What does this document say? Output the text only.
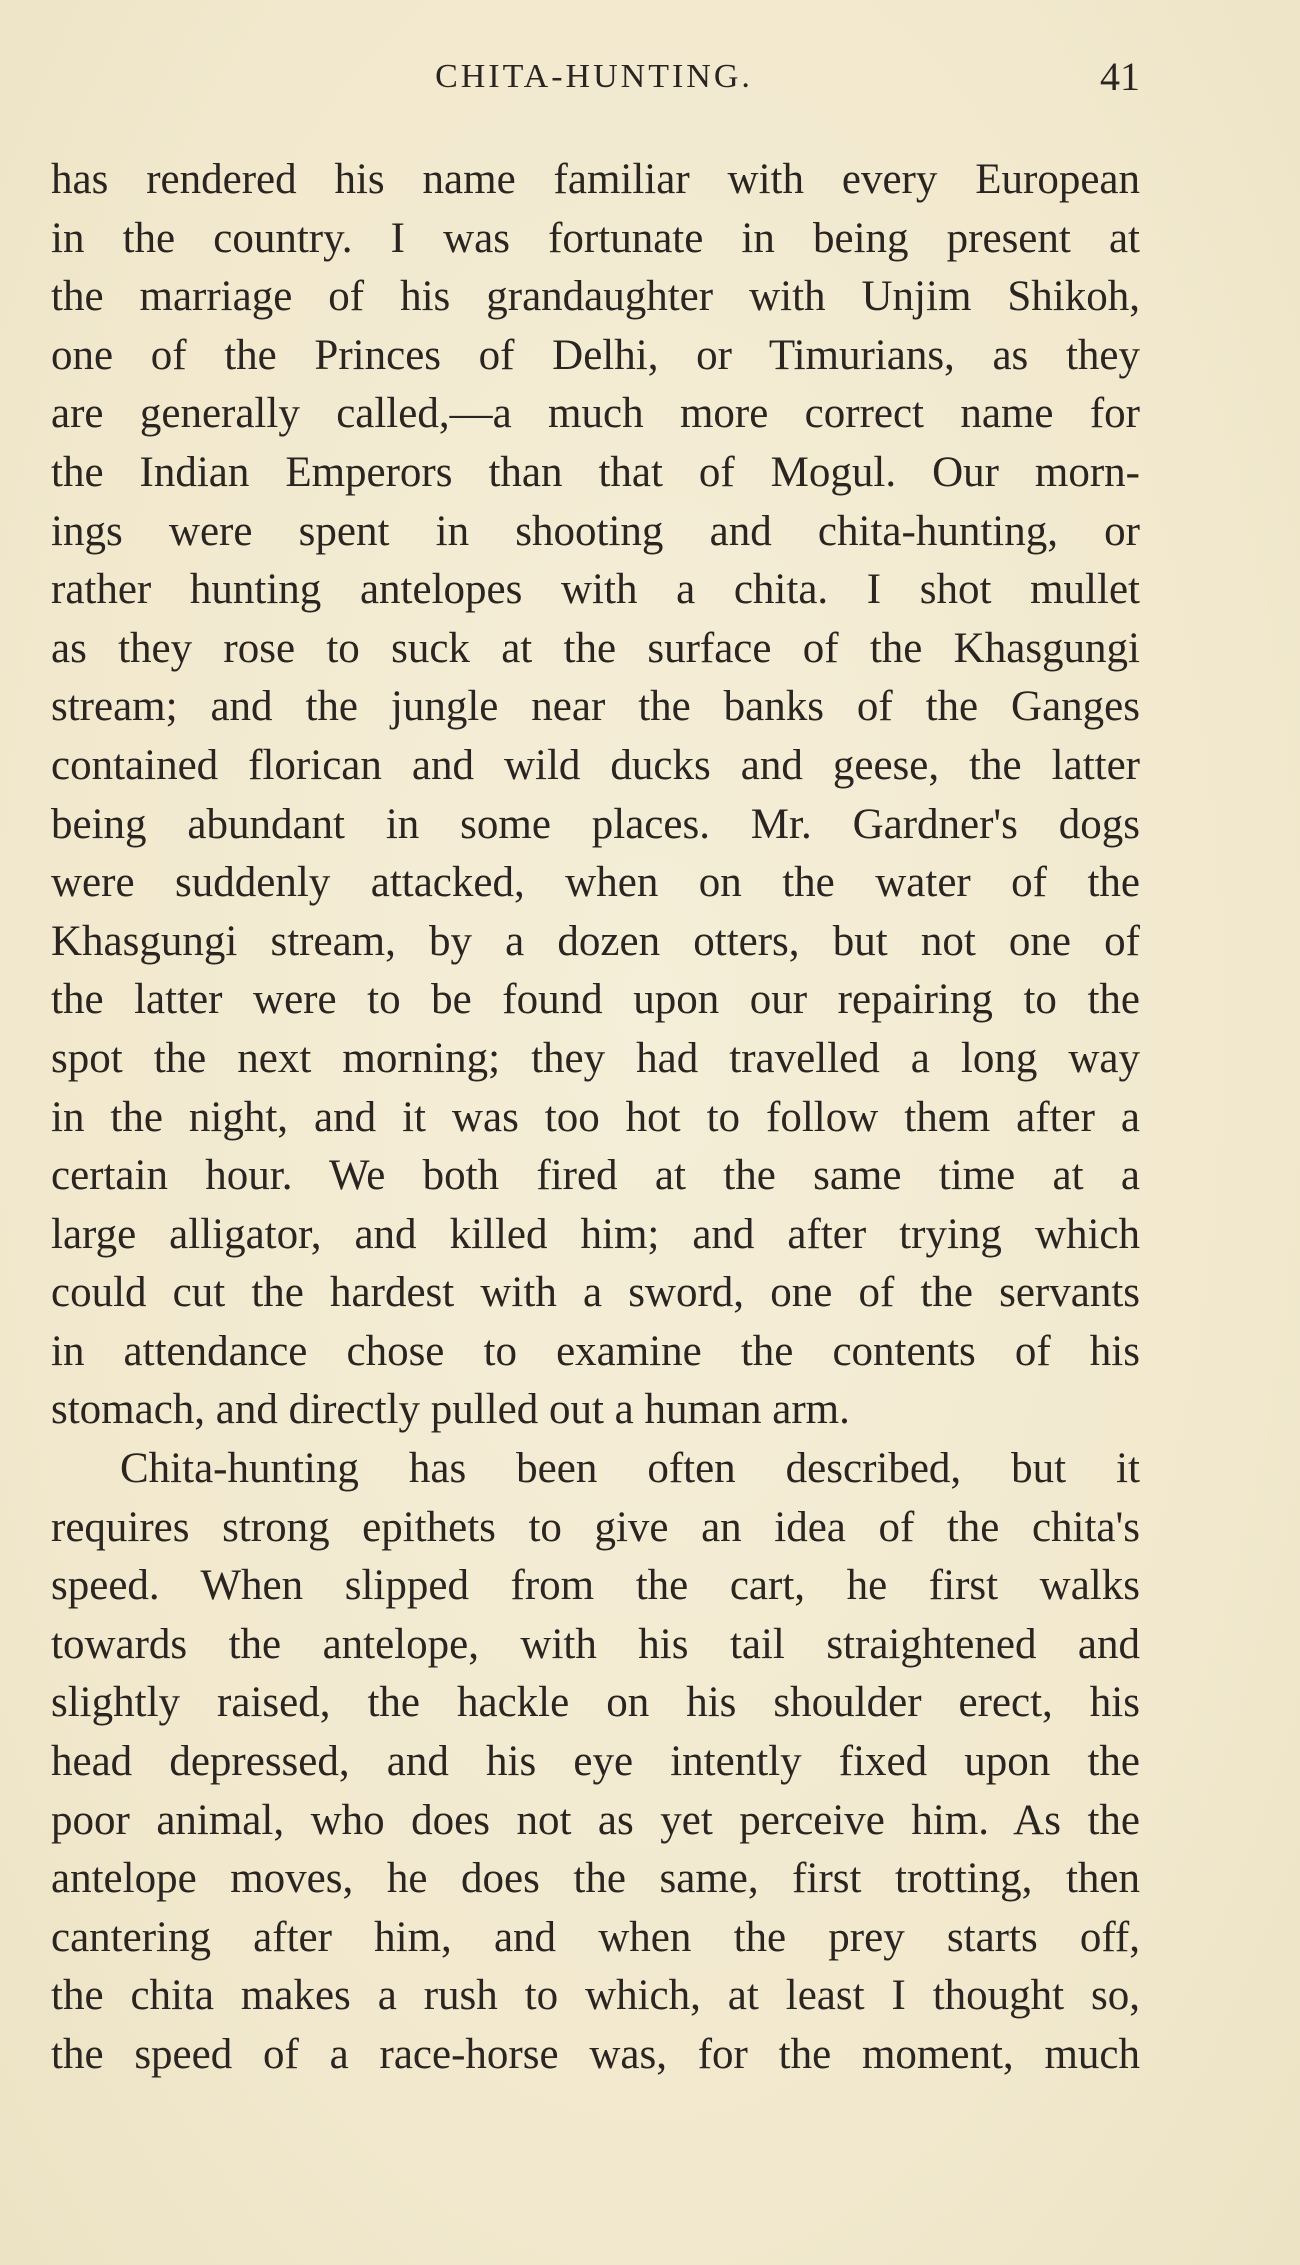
CHITA-HUNTING.	41
has rendered his name familiar with every European
in the country. I was fortunate in being present at
the marriage of his grandaughter with Unjim Shikoh,
one of the Princes of Delhi, or Timurians, as they
are generally called,—a much more correct name for
the Indian Emperors than that of Mogul. Our morn-
ings were spent in shooting and chita-hunting, or
rather hunting antelopes with a chita. I shot mullet
as they rose to suck at the surface of the Khasgungi
stream; and the jungle near the banks of the Ganges
contained florican and wild ducks and geese, the latter
being abundant in some places. Mr. Gardner's dogs
were suddenly attacked, when on the water of the
Khasgungi stream, by a dozen otters, but not one of
the latter were to be found upon our repairing to the
spot the next morning; they had travelled a long way
in the night, and it was too hot to follow them after a
certain hour. We both fired at the same time at a
large alligator, and killed him; and after trying which
could cut the hardest with a sword, one of the servants
in attendance chose to examine the contents of his
stomach, and directly pulled out a human arm.
Chita-hunting has been often described, but it
requires strong epithets to give an idea of the chita's
speed. When slipped from the cart, he first walks
towards the antelope, with his tail straightened and
slightly raised, the hackle on his shoulder erect, his
head depressed, and his eye intently fixed upon the
poor animal, who does not as yet perceive him. As the
antelope moves, he does the same, first trotting, then
cantering after him, and when the prey starts off,
the chita makes a rush to which, at least I thought so,
the speed of a race-horse was, for the moment, much
